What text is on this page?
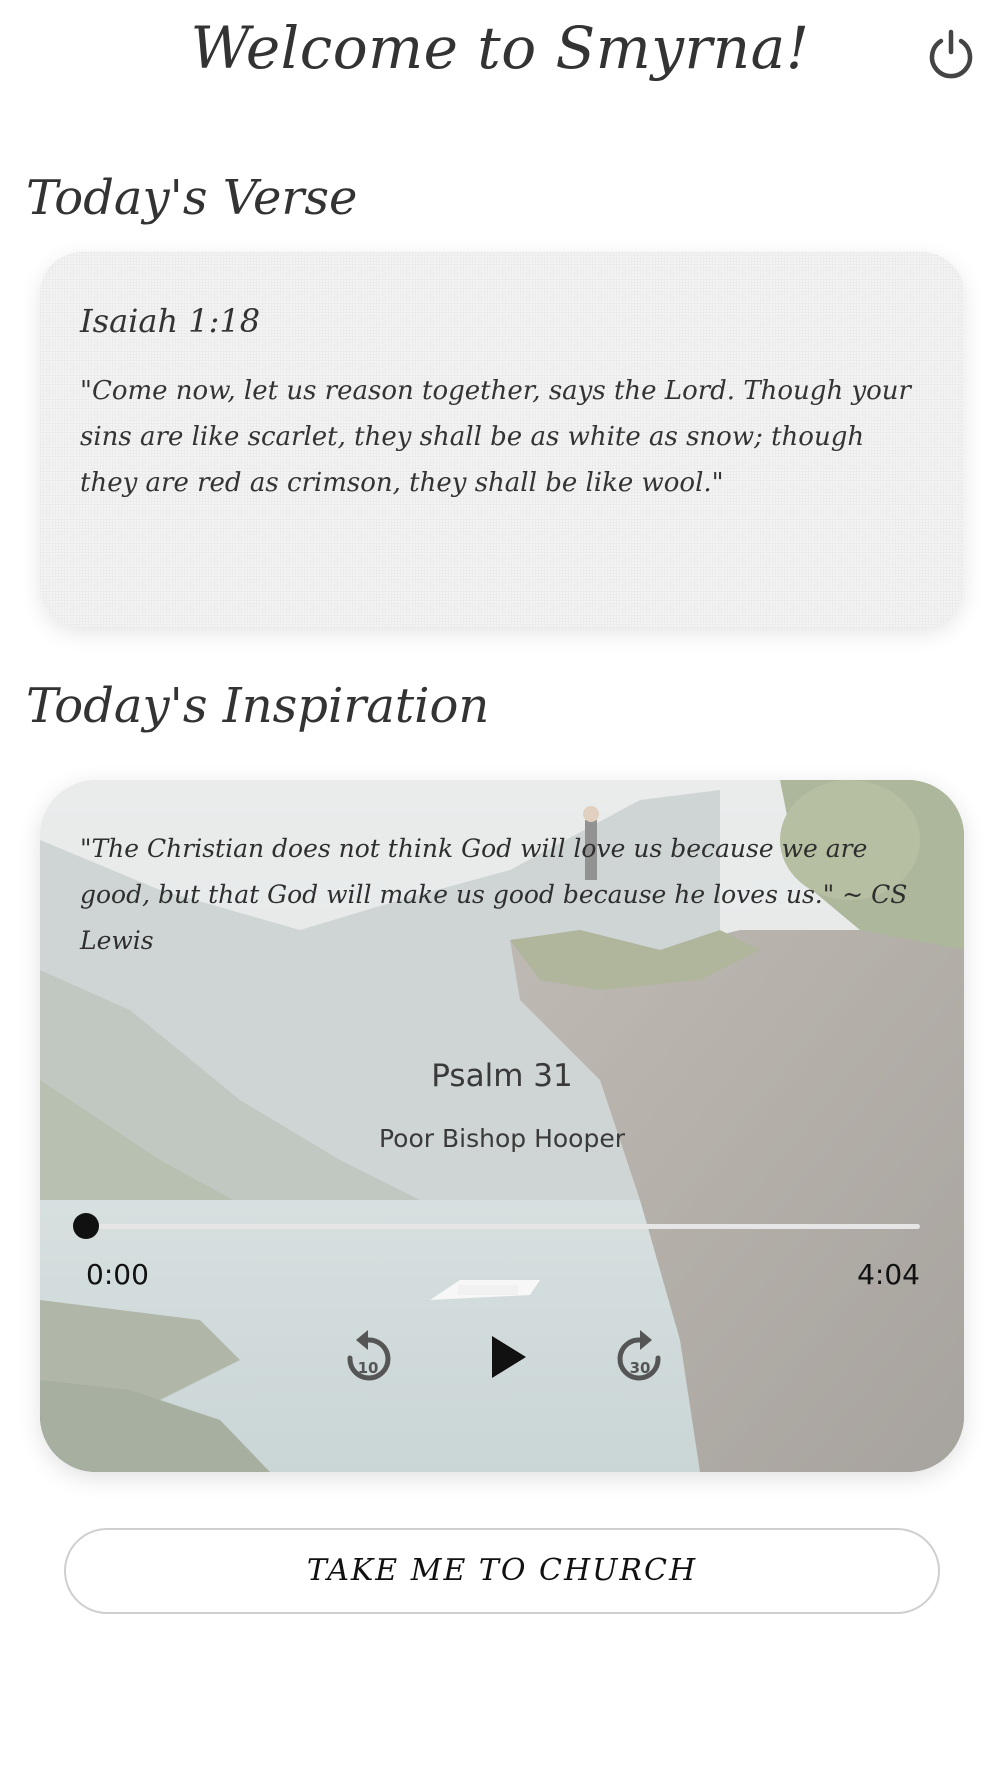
Welcome to Smyrna!
Today's Verse

Isaiah 1:18

"Come now, let us reason together, says the Lord. Though your sins are like scarlet, they shall be as white as snow; though they are red as crimson, they shall be like wool."

Today's Inspiration

"The Christian does not think God will love us because we are good, but that God will make us good because he loves us." ~ CS Lewis

Psalm 31
Poor Bishop Hooper
0:00	4:04
10	30
TAKE ME TO CHURCH
